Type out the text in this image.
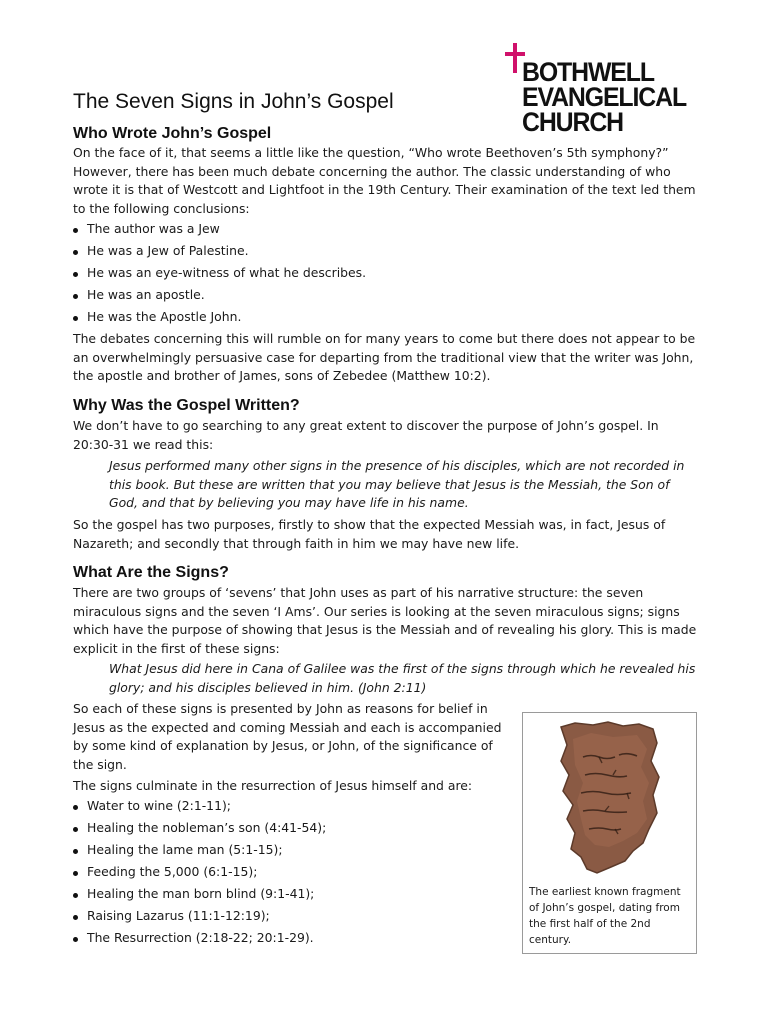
BOTHWELL
EVANGELICAL
CHURCH
The Seven Signs in John’s Gospel
Who Wrote John’s Gospel

On the face of it, that seems a little like the question, “Who wrote Beethoven’s 5th symphony?” However, there has been much debate concerning the author. The classic understanding of who wrote it is that of Westcott and Lightfoot in the 19th Century. Their examination of the text led them to the following conclusions:

The author was a Jew
He was a Jew of Palestine.
He was an eye-witness of what he describes.
He was an apostle.
He was the Apostle John.

The debates concerning this will rumble on for many years to come but there does not appear to be an overwhelmingly persuasive case for departing from the traditional view that the writer was John, the apostle and brother of James, sons of Zebedee (Matthew 10:2).

Why Was the Gospel Written?

We don’t have to go searching to any great extent to discover the purpose of John’s gospel. In 20:30-31 we read this:

Jesus performed many other signs in the presence of his disciples, which are not recorded in this book. But these are written that you may believe that Jesus is the Messiah, the Son of God, and that by believing you may have life in his name.

So the gospel has two purposes, firstly to show that the expected Messiah was, in fact, Jesus of Nazareth; and secondly that through faith in him we may have new life.

What Are the Signs?

There are two groups of ‘sevens’ that John uses as part of his narrative structure: the seven miraculous signs and the seven ‘I Ams’. Our series is looking at the seven miraculous signs; signs which have the purpose of showing that Jesus is the Messiah and of revealing his glory. This is made explicit in the first of these signs:

What Jesus did here in Cana of Galilee was the first of the signs through which he revealed his glory; and his disciples believed in him. (John 2:11)

So each of these signs is presented by John as reasons for belief in Jesus as the expected and coming Messiah and each is accompanied by some kind of explanation by Jesus, or John, of the significance of the sign.

The signs culminate in the resurrection of Jesus himself and are:

Water to wine (2:1-11);
Healing the nobleman’s son (4:41-54);
Healing the lame man (5:1-15);
Feeding the 5,000 (6:1-15);
Healing the man born blind (9:1-41);
Raising Lazarus (11:1-12:19);
The Resurrection (2:18-22; 20:1-29).
The earliest known fragment of John’s gospel, dating from the first half of the 2nd century.
